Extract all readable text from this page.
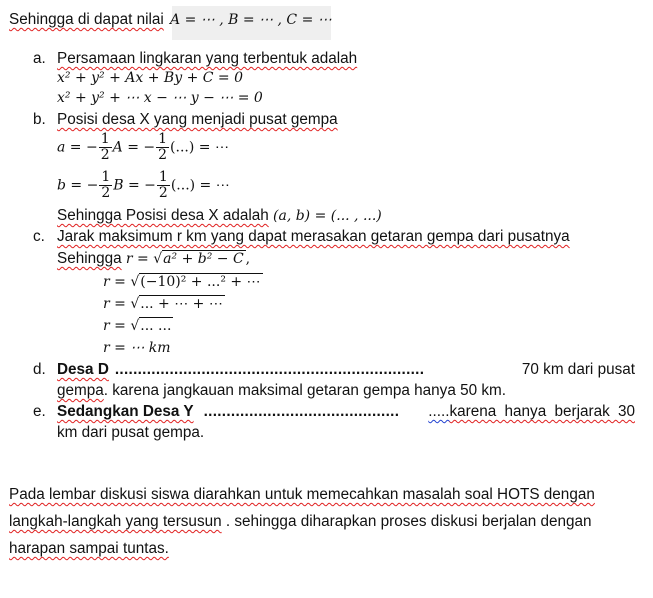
Sehingga di dapat nilai A = ⋯ , B = ⋯ , C = ⋯
a. Persamaan lingkaran yang terbentuk adalah
x² + y² + Ax + By + C = 0
x² + y² + ⋯ x − ⋯ y − ⋯ = 0
b. Posisi desa X yang menjadi pusat gempa
a = − $\frac{1}{2}$ A = − $\frac{1}{2}$ (...) = ⋯
b = − $\frac{1}{2}$ B = − $\frac{1}{2}$ (...) = ⋯
Sehingga Posisi desa X adalah (a, b) = (... , ...)
c. Jarak maksimum r km yang dapat merasakan getaran gempa dari pusatnya
Sehingga r = √a² + b² − C ,
r = √(−10)² + ...² + ⋯
r = √... + ⋯ + ⋯
r = √... ...
r = ⋯ km
d. Desa D ....................................................................	70 km dari pusat
gempa. karena jangkauan maksimal getaran gempa hanya 50 km.
e. Sedangkan Desa Y ...........................................	..... karena hanya berjarak 30
km dari pusat gempa.
Pada lembar diskusi siswa diarahkan untuk memecahkan masalah soal HOTS dengan
langkah-langkah yang tersusun . sehingga diharapkan proses diskusi berjalan dengan
harapan sampai tuntas.
